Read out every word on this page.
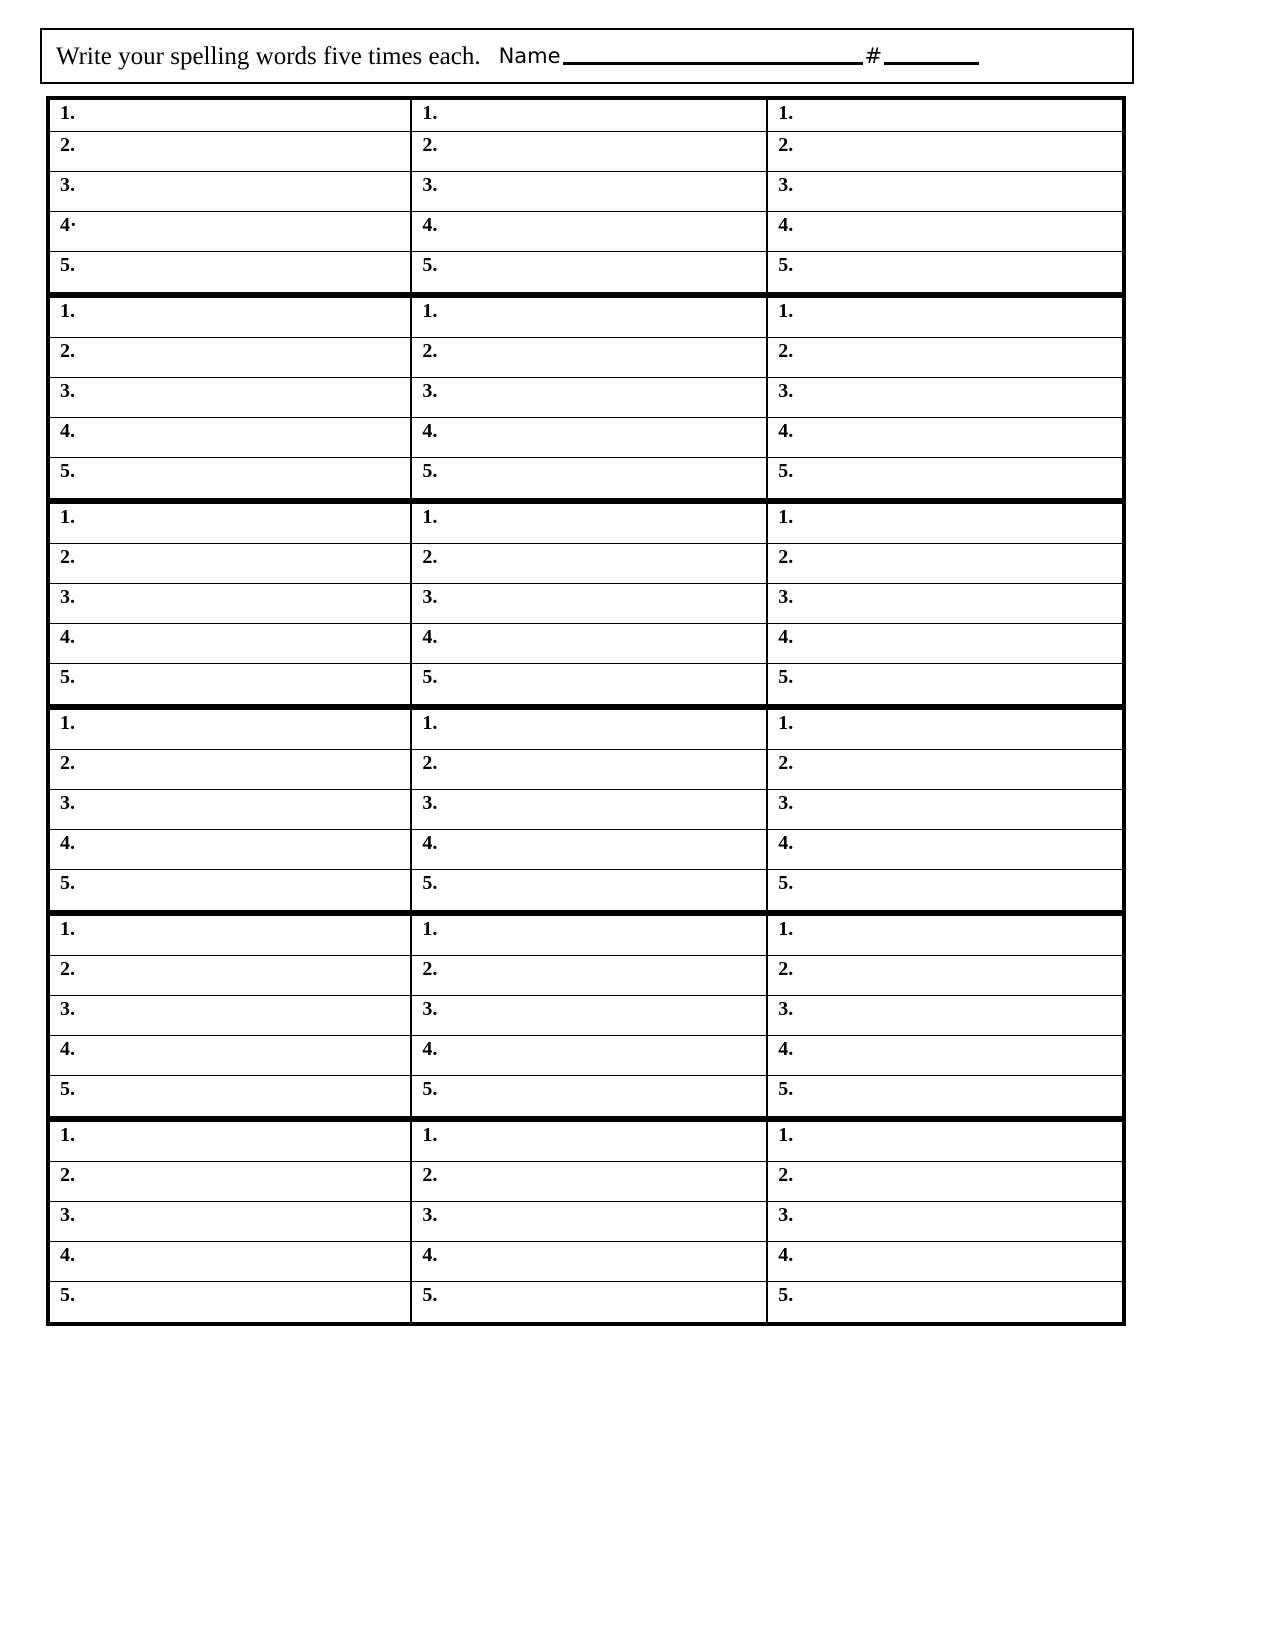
Write your spelling words five times each. Name	#
1.
2.
3.
4·
5.
1.
2.
3.
4.
5.
1.
2.
3.
4.
5.
1.
2.
3.
4.
5.
1.
2.
3.
4.
5.
1.
2.
3.
4.
5.
1.
2.
3.
4.
5.
1.
2.
3.
4.
5.
1.
2.
3.
4.
5.
1.
2.
3.
4.
5.
1.
2.
3.
4.
5.
1.
2.
3.
4.
5.
1.
2.
3.
4.
5.
1.
2.
3.
4.
5.
1.
2.
3.
4.
5.
1.
2.
3.
4.
5.
1.
2.
3.
4.
5.
1.
2.
3.
4.
5.
